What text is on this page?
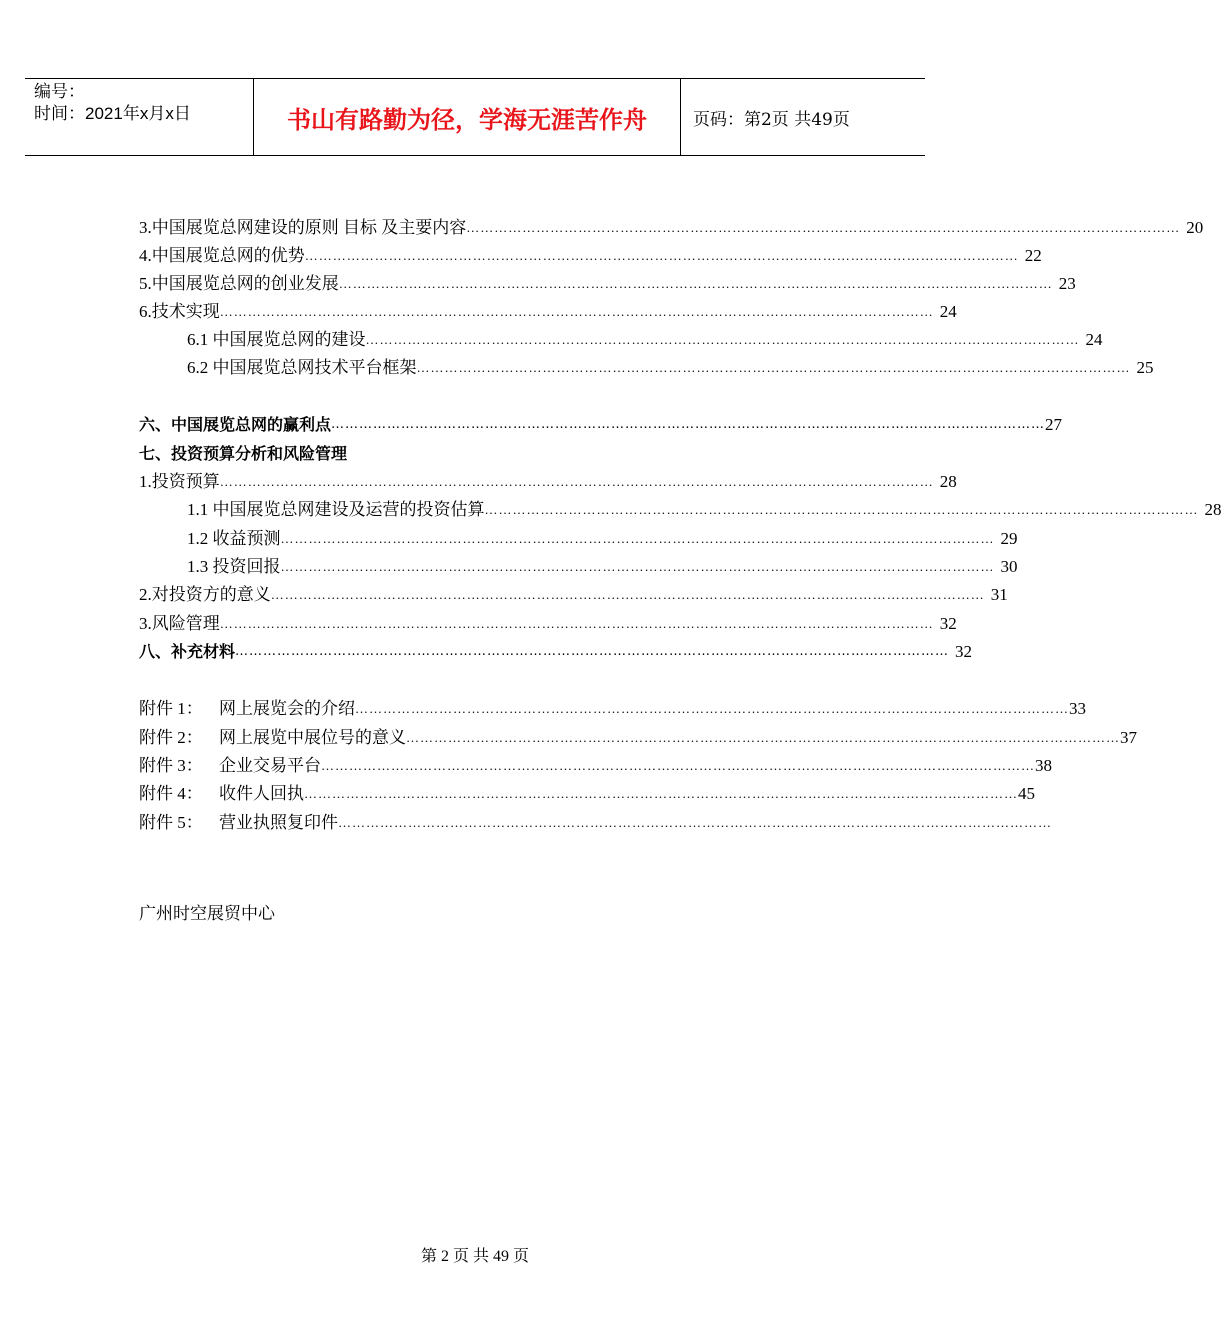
编号：
时间：2021年x月x日	书山有路勤为径，学海无涯苦作舟	页码：第2页 共49页
3.中国展览总网建设的原则 目标 及主要内容 ……………………………………………………………………………………………………………………………………… 20
4.中国展览总网的优势 ……………………………………………………………………………………………………………………………………… 22
5.中国展览总网的创业发展 ……………………………………………………………………………………………………………………………………… 23
6.技术实现 ……………………………………………………………………………………………………………………………………… 24
6.1 中国展览总网的建设 ……………………………………………………………………………………………………………………………………… 24
6.2 中国展览总网技术平台框架 ……………………………………………………………………………………………………………………………………… 25
六、中国展览总网的赢利点 ……………………………………………………………………………………………………………………………………… 27
七、投资预算分析和风险管理
1.投资预算 ……………………………………………………………………………………………………………………………………… 28
1.1 中国展览总网建设及运营的投资估算 ……………………………………………………………………………………………………………………………………… 28
1.2 收益预测 ……………………………………………………………………………………………………………………………………… 29
1.3 投资回报 ……………………………………………………………………………………………………………………………………… 30
2.对投资方的意义 ……………………………………………………………………………………………………………………………………… 31
3.风险管理 ……………………………………………………………………………………………………………………………………… 32
八、补充材料 ……………………………………………………………………………………………………………………………………… 32
附件 1： 网上展览会的介绍 ……………………………………………………………………………………………………………………………………… 33
附件 2： 网上展览中展位号的意义 ……………………………………………………………………………………………………………………………………… 37
附件 3： 企业交易平台 ……………………………………………………………………………………………………………………………………… 38
附件 4： 收件人回执 ……………………………………………………………………………………………………………………………………… 45
附件 5： 营业执照复印件 ………………………………………………………………………………………………………………………………………
广州时空展贸中心
第 2 页 共 49 页
